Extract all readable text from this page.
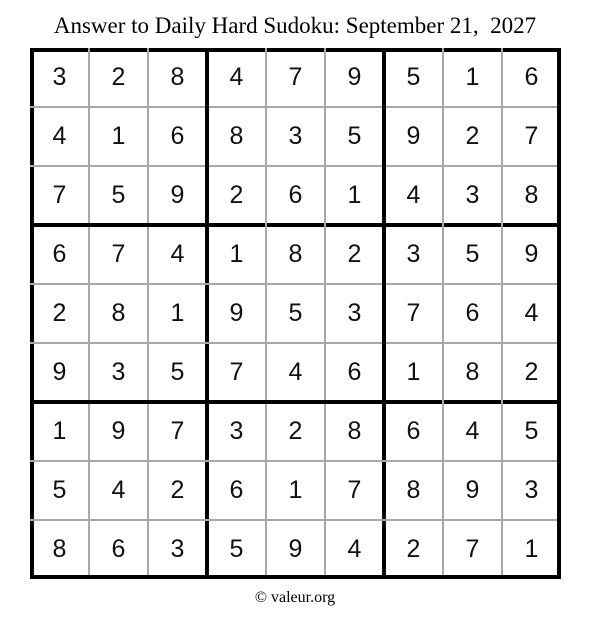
Answer to Daily Hard Sudoku: September 21,  2027
3	2	8	4	7	9	5	1	6
4	1	6	8	3	5	9	2	7
7	5	9	2	6	1	4	3	8
6	7	4	1	8	2	3	5	9
2	8	1	9	5	3	7	6	4
9	3	5	7	4	6	1	8	2
1	9	7	3	2	8	6	4	5
5	4	2	6	1	7	8	9	3
8	6	3	5	9	4	2	7	1
© valeur.org
